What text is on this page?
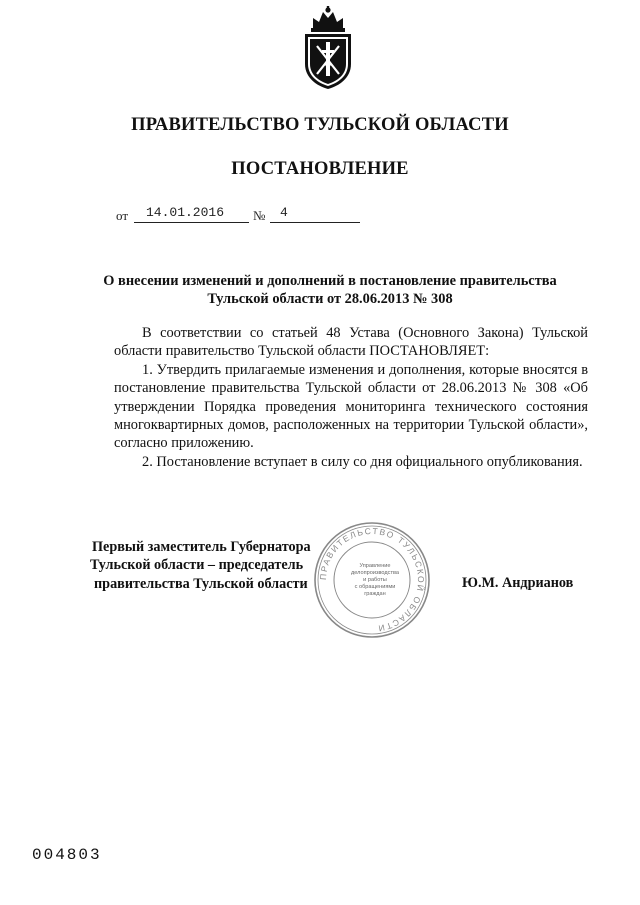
ПРАВИТЕЛЬСТВО ТУЛЬСКОЙ ОБЛАСТИ
ПОСТАНОВЛЕНИЕ
от 14.01.2016 № 4
О внесении изменений и дополнений в постановление правительства
Тульской области от 28.06.2013 № 308

В соответствии со статьей 48 Устава (Основного Закона) Тульской области правительство Тульской области ПОСТАНОВЛЯЕТ:

1. Утвердить прилагаемые изменения и дополнения, которые вносятся в постановление правительства Тульской области от 28.06.2013 № 308 «Об утверждении Порядка проведения мониторинга технического состояния многоквартирных домов, расположенных на территории Тульской области», согласно приложению.

2. Постановление вступает в силу со дня официального опубликования.

Первый заместитель Губернатора
Тульской области – председатель
правительства Тульской области	ПРАВИТЕЛЬСТВО ТУЛЬСКОЙ ОБЛАСТИ
Управление
делопроизводства
и работы
с обращениями
граждан
Ю.М. Андрианов
004803
